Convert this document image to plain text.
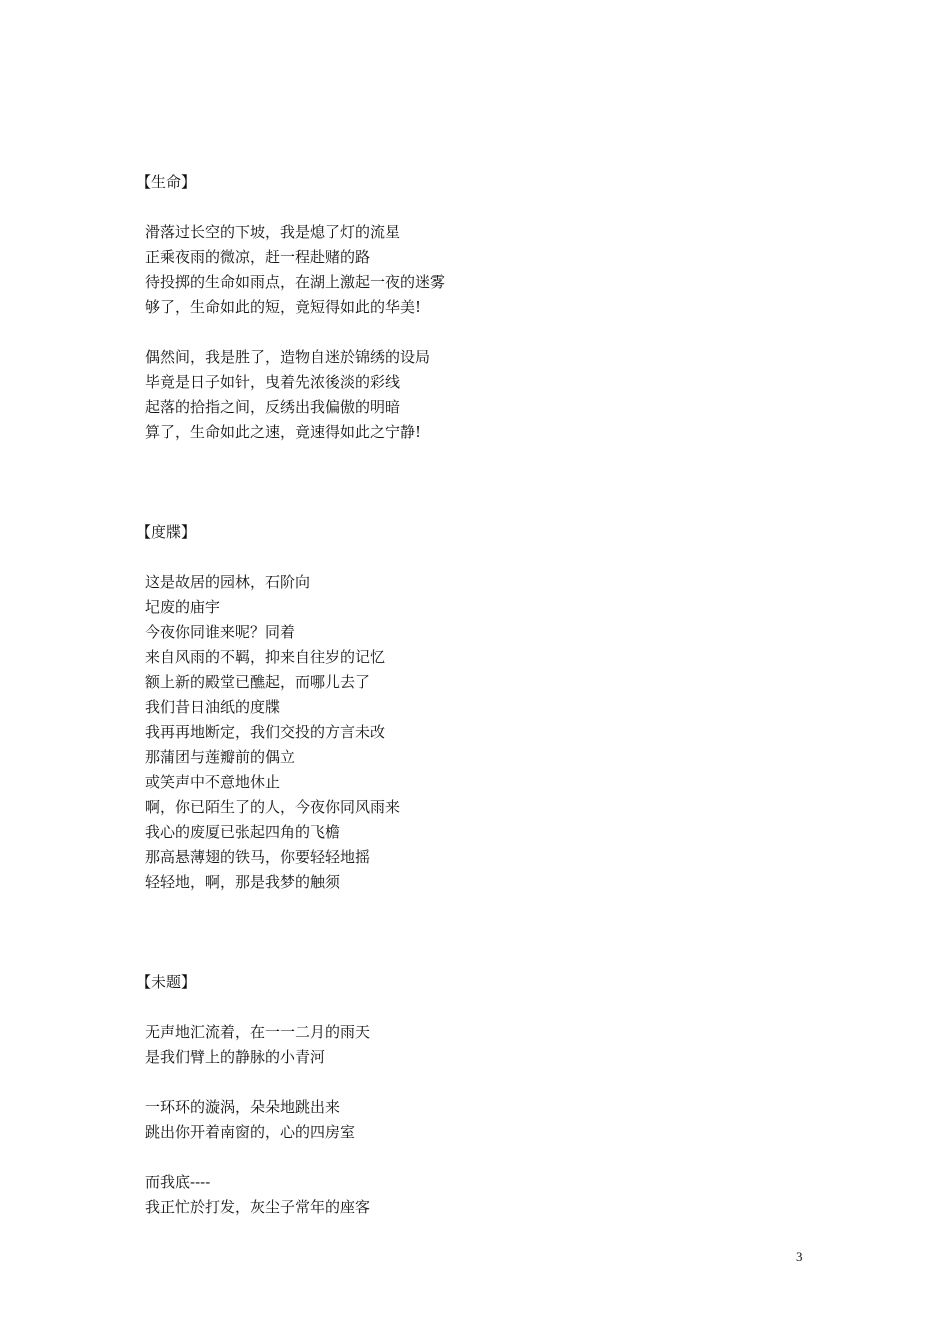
【生命】
滑落过长空的下坡，我是熄了灯的流星
正乘夜雨的微凉，赶一程赴赌的路
待投掷的生命如雨点，在湖上激起一夜的迷雾
够了，生命如此的短，竟短得如此的华美!
偶然间，我是胜了，造物自迷於锦绣的设局
毕竟是日子如针，曳着先浓後淡的彩线
起落的拾指之间，反绣出我偏傲的明暗
算了，生命如此之速，竟速得如此之宁静!
【度牒】
这是故居的园林，石阶向
圮废的庙宇
今夜你同谁来呢？同着
来自风雨的不羁，抑来自往岁的记忆
额上新的殿堂已醮起，而哪儿去了
我们昔日油纸的度牒
我再再地断定，我们交投的方言未改
那蒲团与莲瓣前的偶立
或笑声中不意地休止
啊，你已陌生了的人，今夜你同风雨来
我心的废厦已张起四角的飞檐
那高悬薄翅的铁马，你要轻轻地摇
轻轻地，啊，那是我梦的触须
【未题】
无声地汇流着，在一一二月的雨天
是我们臂上的静脉的小青河
一环环的漩涡，朵朵地跳出来
跳出你开着南窗的，心的四房室
而我底----
我正忙於打发，灰尘子常年的座客
3
